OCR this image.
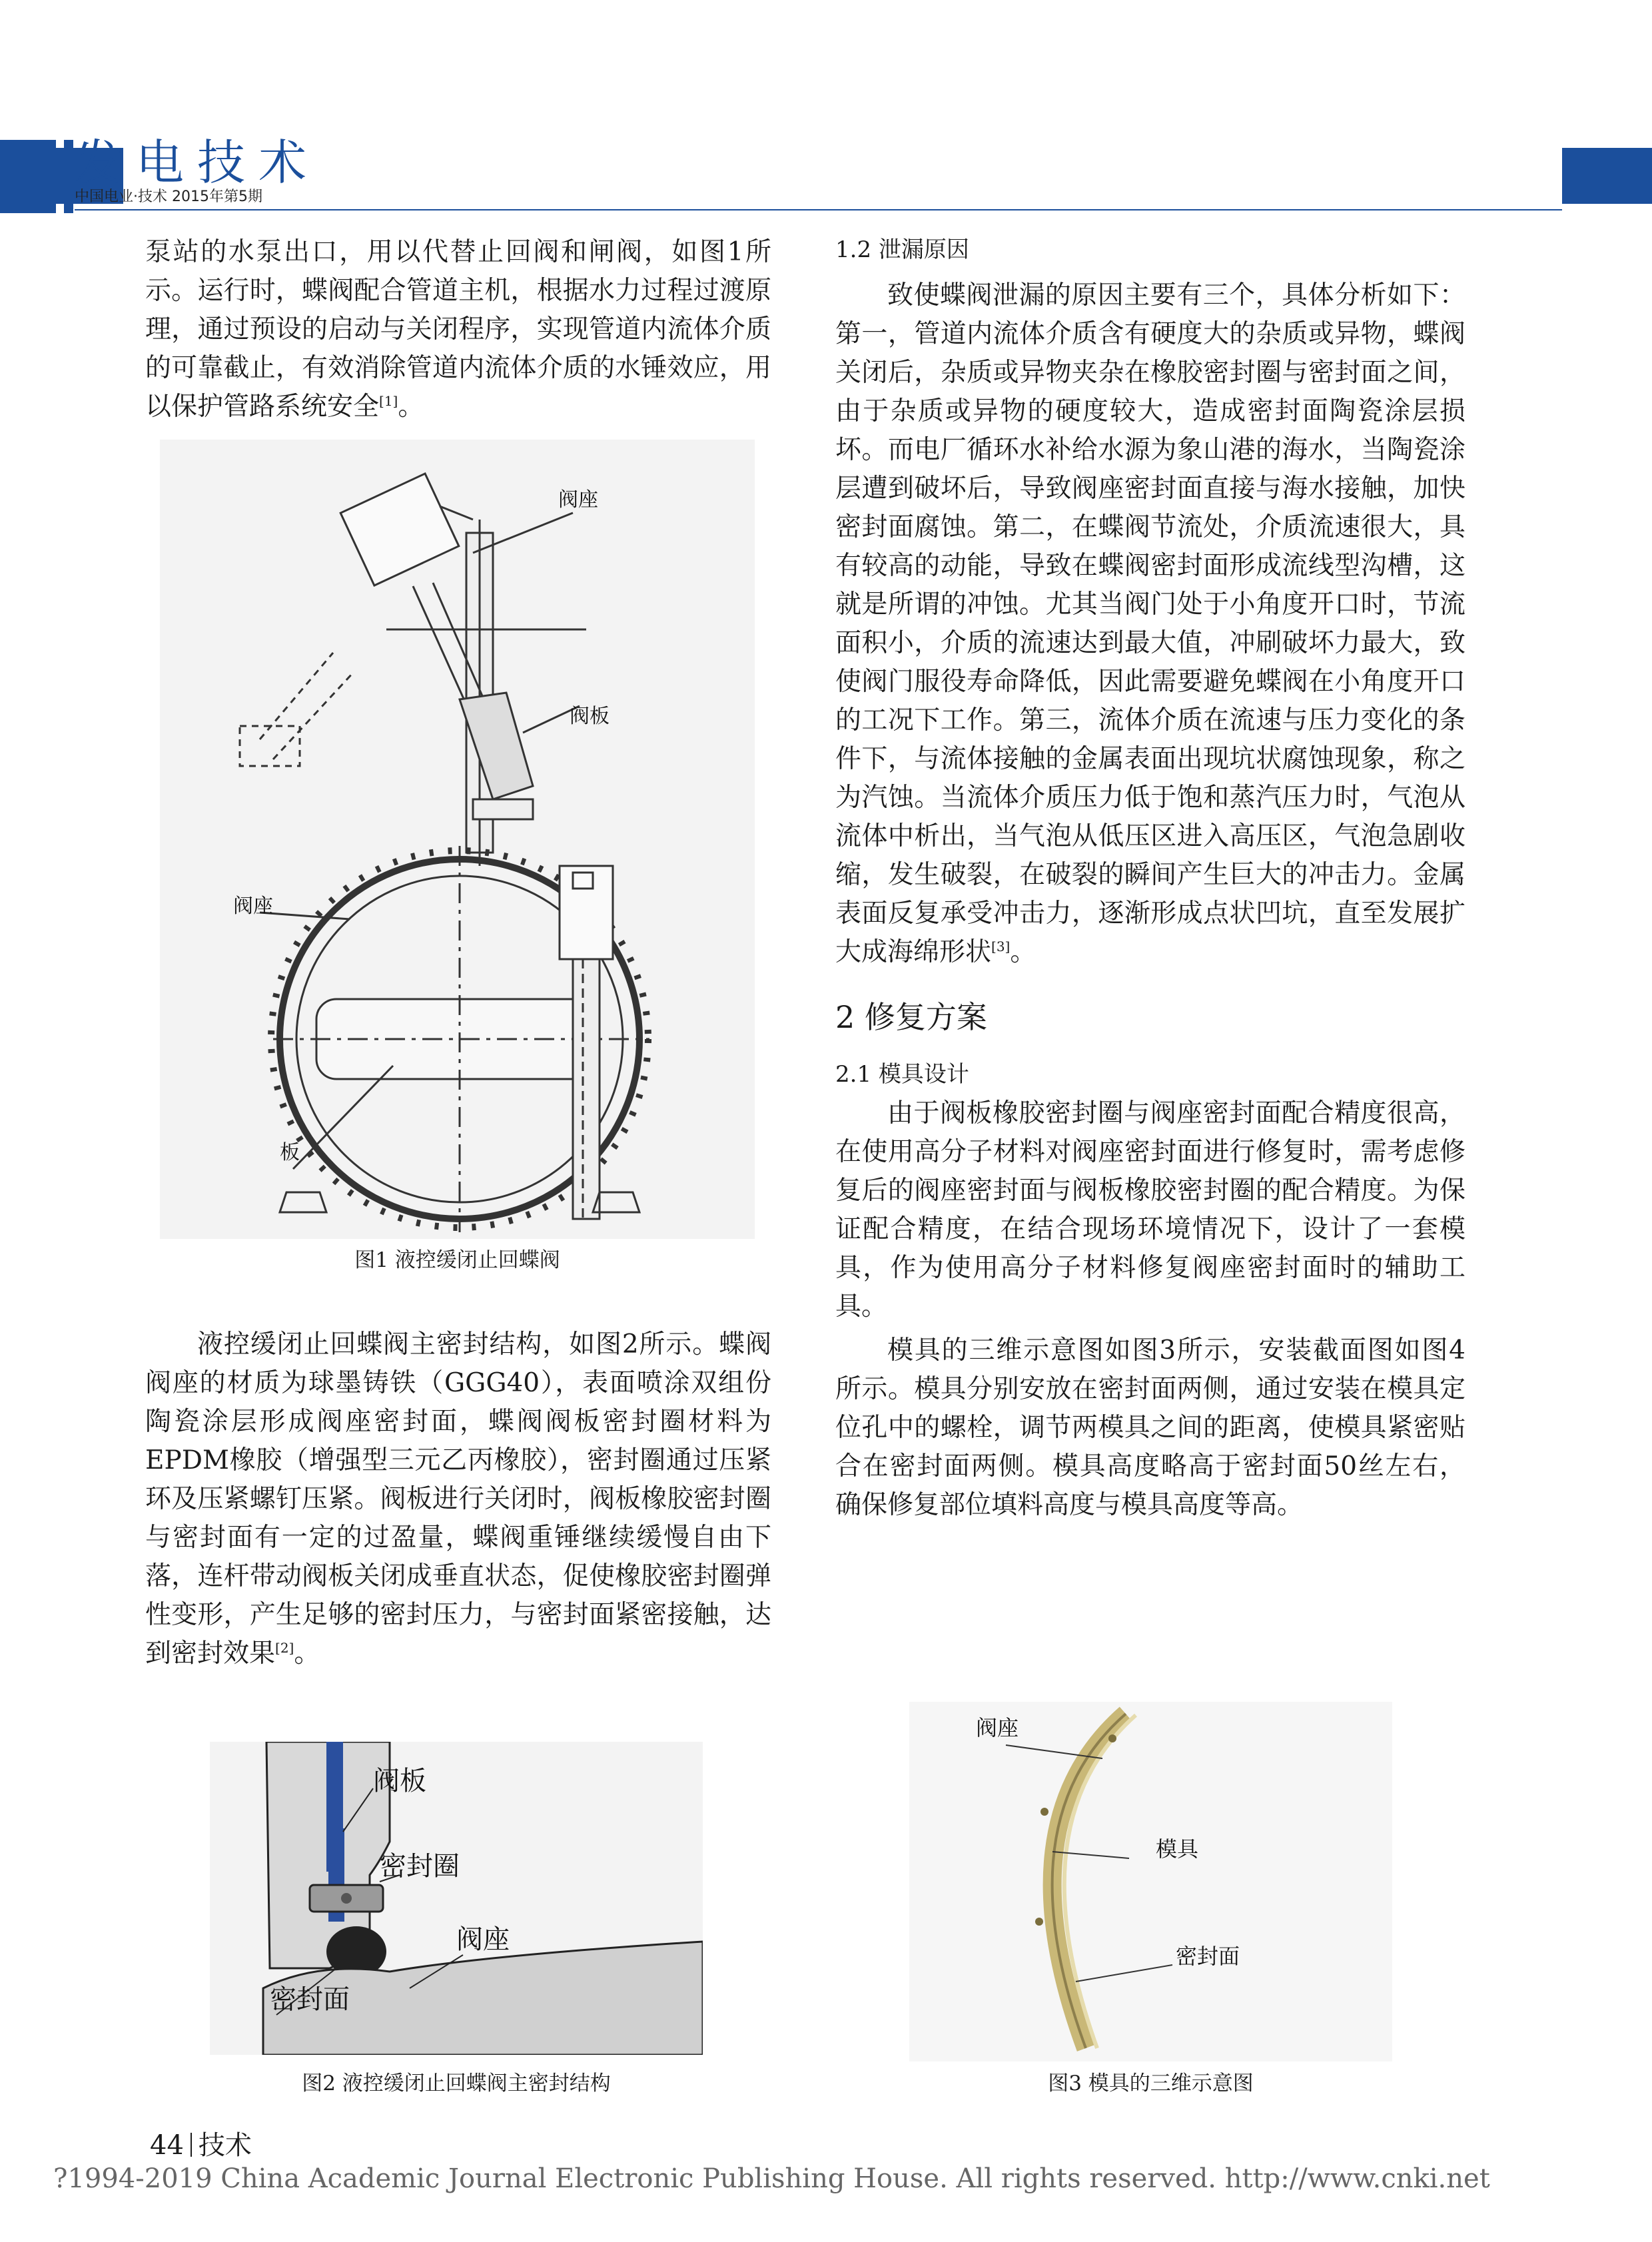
发电技术
中国电业·技术 2015年第5期

泵站的水泵出口，用以代替止回阀和闸阀，如图1所示。运行时，蝶阀配合管道主机，根据水力过程过渡原理，通过预设的启动与关闭程序，实现管道内流体介质的可靠截止，有效消除管道内流体介质的水锤效应，用以保护管路系统安全[1]。

阀座
阀板
阀座
板
图1 液控缓闭止回蝶阀

液控缓闭止回蝶阀主密封结构，如图2所示。蝶阀阀座的材质为球墨铸铁（GGG40），表面喷涂双组份陶瓷涂层形成阀座密封面，蝶阀阀板密封圈材料为EPDM橡胶（增强型三元乙丙橡胶），密封圈通过压紧环及压紧螺钉压紧。阀板进行关闭时，阀板橡胶密封圈与密封面有一定的过盈量，蝶阀重锤继续缓慢自由下落，连杆带动阀板关闭成垂直状态，促使橡胶密封圈弹性变形，产生足够的密封压力，与密封面紧密接触，达到密封效果[2]。

阀板
密封圈
阀座
密封面
图2 液控缓闭止回蝶阀主密封结构

1.2 泄漏原因

致使蝶阀泄漏的原因主要有三个，具体分析如下：第一，管道内流体介质含有硬度大的杂质或异物，蝶阀关闭后，杂质或异物夹杂在橡胶密封圈与密封面之间，由于杂质或异物的硬度较大，造成密封面陶瓷涂层损坏。而电厂循环水补给水源为象山港的海水，当陶瓷涂层遭到破坏后，导致阀座密封面直接与海水接触，加快密封面腐蚀。第二，在蝶阀节流处，介质流速很大，具有较高的动能，导致在蝶阀密封面形成流线型沟槽，这就是所谓的冲蚀。尤其当阀门处于小角度开口时，节流面积小，介质的流速达到最大值，冲刷破坏力最大，致使阀门服役寿命降低，因此需要避免蝶阀在小角度开口的工况下工作。第三，流体介质在流速与压力变化的条件下，与流体接触的金属表面出现坑状腐蚀现象，称之为汽蚀。当流体介质压力低于饱和蒸汽压力时，气泡从流体中析出，当气泡从低压区进入高压区，气泡急剧收缩，发生破裂，在破裂的瞬间产生巨大的冲击力。金属表面反复承受冲击力，逐渐形成点状凹坑，直至发展扩大成海绵形状[3]。

2 修复方案

2.1 模具设计

由于阀板橡胶密封圈与阀座密封面配合精度很高，在使用高分子材料对阀座密封面进行修复时，需考虑修复后的阀座密封面与阀板橡胶密封圈的配合精度。为保证配合精度，在结合现场环境情况下，设计了一套模具，作为使用高分子材料修复阀座密封面时的辅助工具。

模具的三维示意图如图3所示，安装截面图如图4所示。模具分别安放在密封面两侧，通过安装在模具定位孔中的螺栓，调节两模具之间的距离，使模具紧密贴合在密封面两侧。模具高度略高于密封面50丝左右，确保修复部位填料高度与模具高度等高。

阀座
模具
密封面
图3 模具的三维示意图
44 技术
?1994-2019 China Academic Journal Electronic Publishing House. All rights reserved. http://www.cnki.net
